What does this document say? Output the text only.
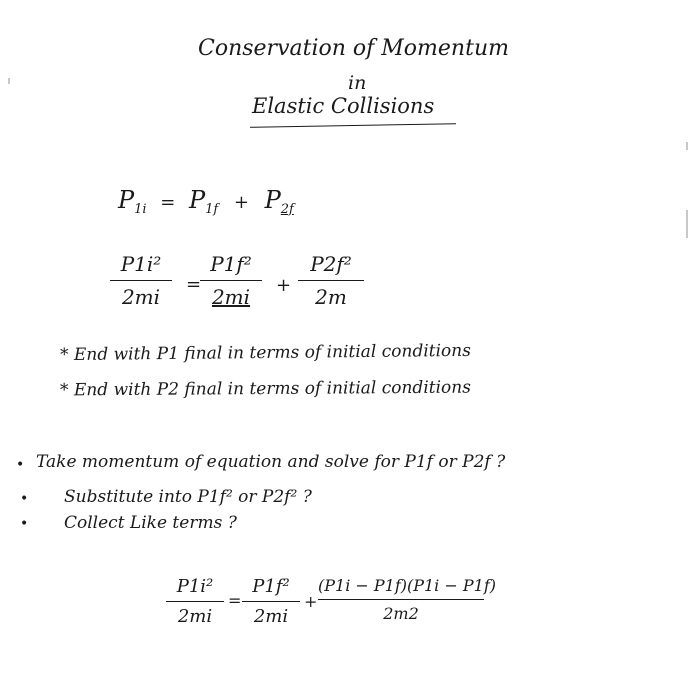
Conservation of Momentum
in
Elastic Collisions
$P_{1i} = P_{1f} + P_{2f}$
P1i²
2mi
=
P1f²
2mi	+
P2f²
2m
* End with P1 final in terms of initial conditions
* End with P2 final in terms of initial conditions
• Take momentum of equation and solve for P1f or P2f ?
• Substitute into P1f² or P2f² ?
• Collect Like terms ?
P1i²
2mi
=
P1f²
2mi
+
(P1i − P1f)(P1i − P1f)
2m2
